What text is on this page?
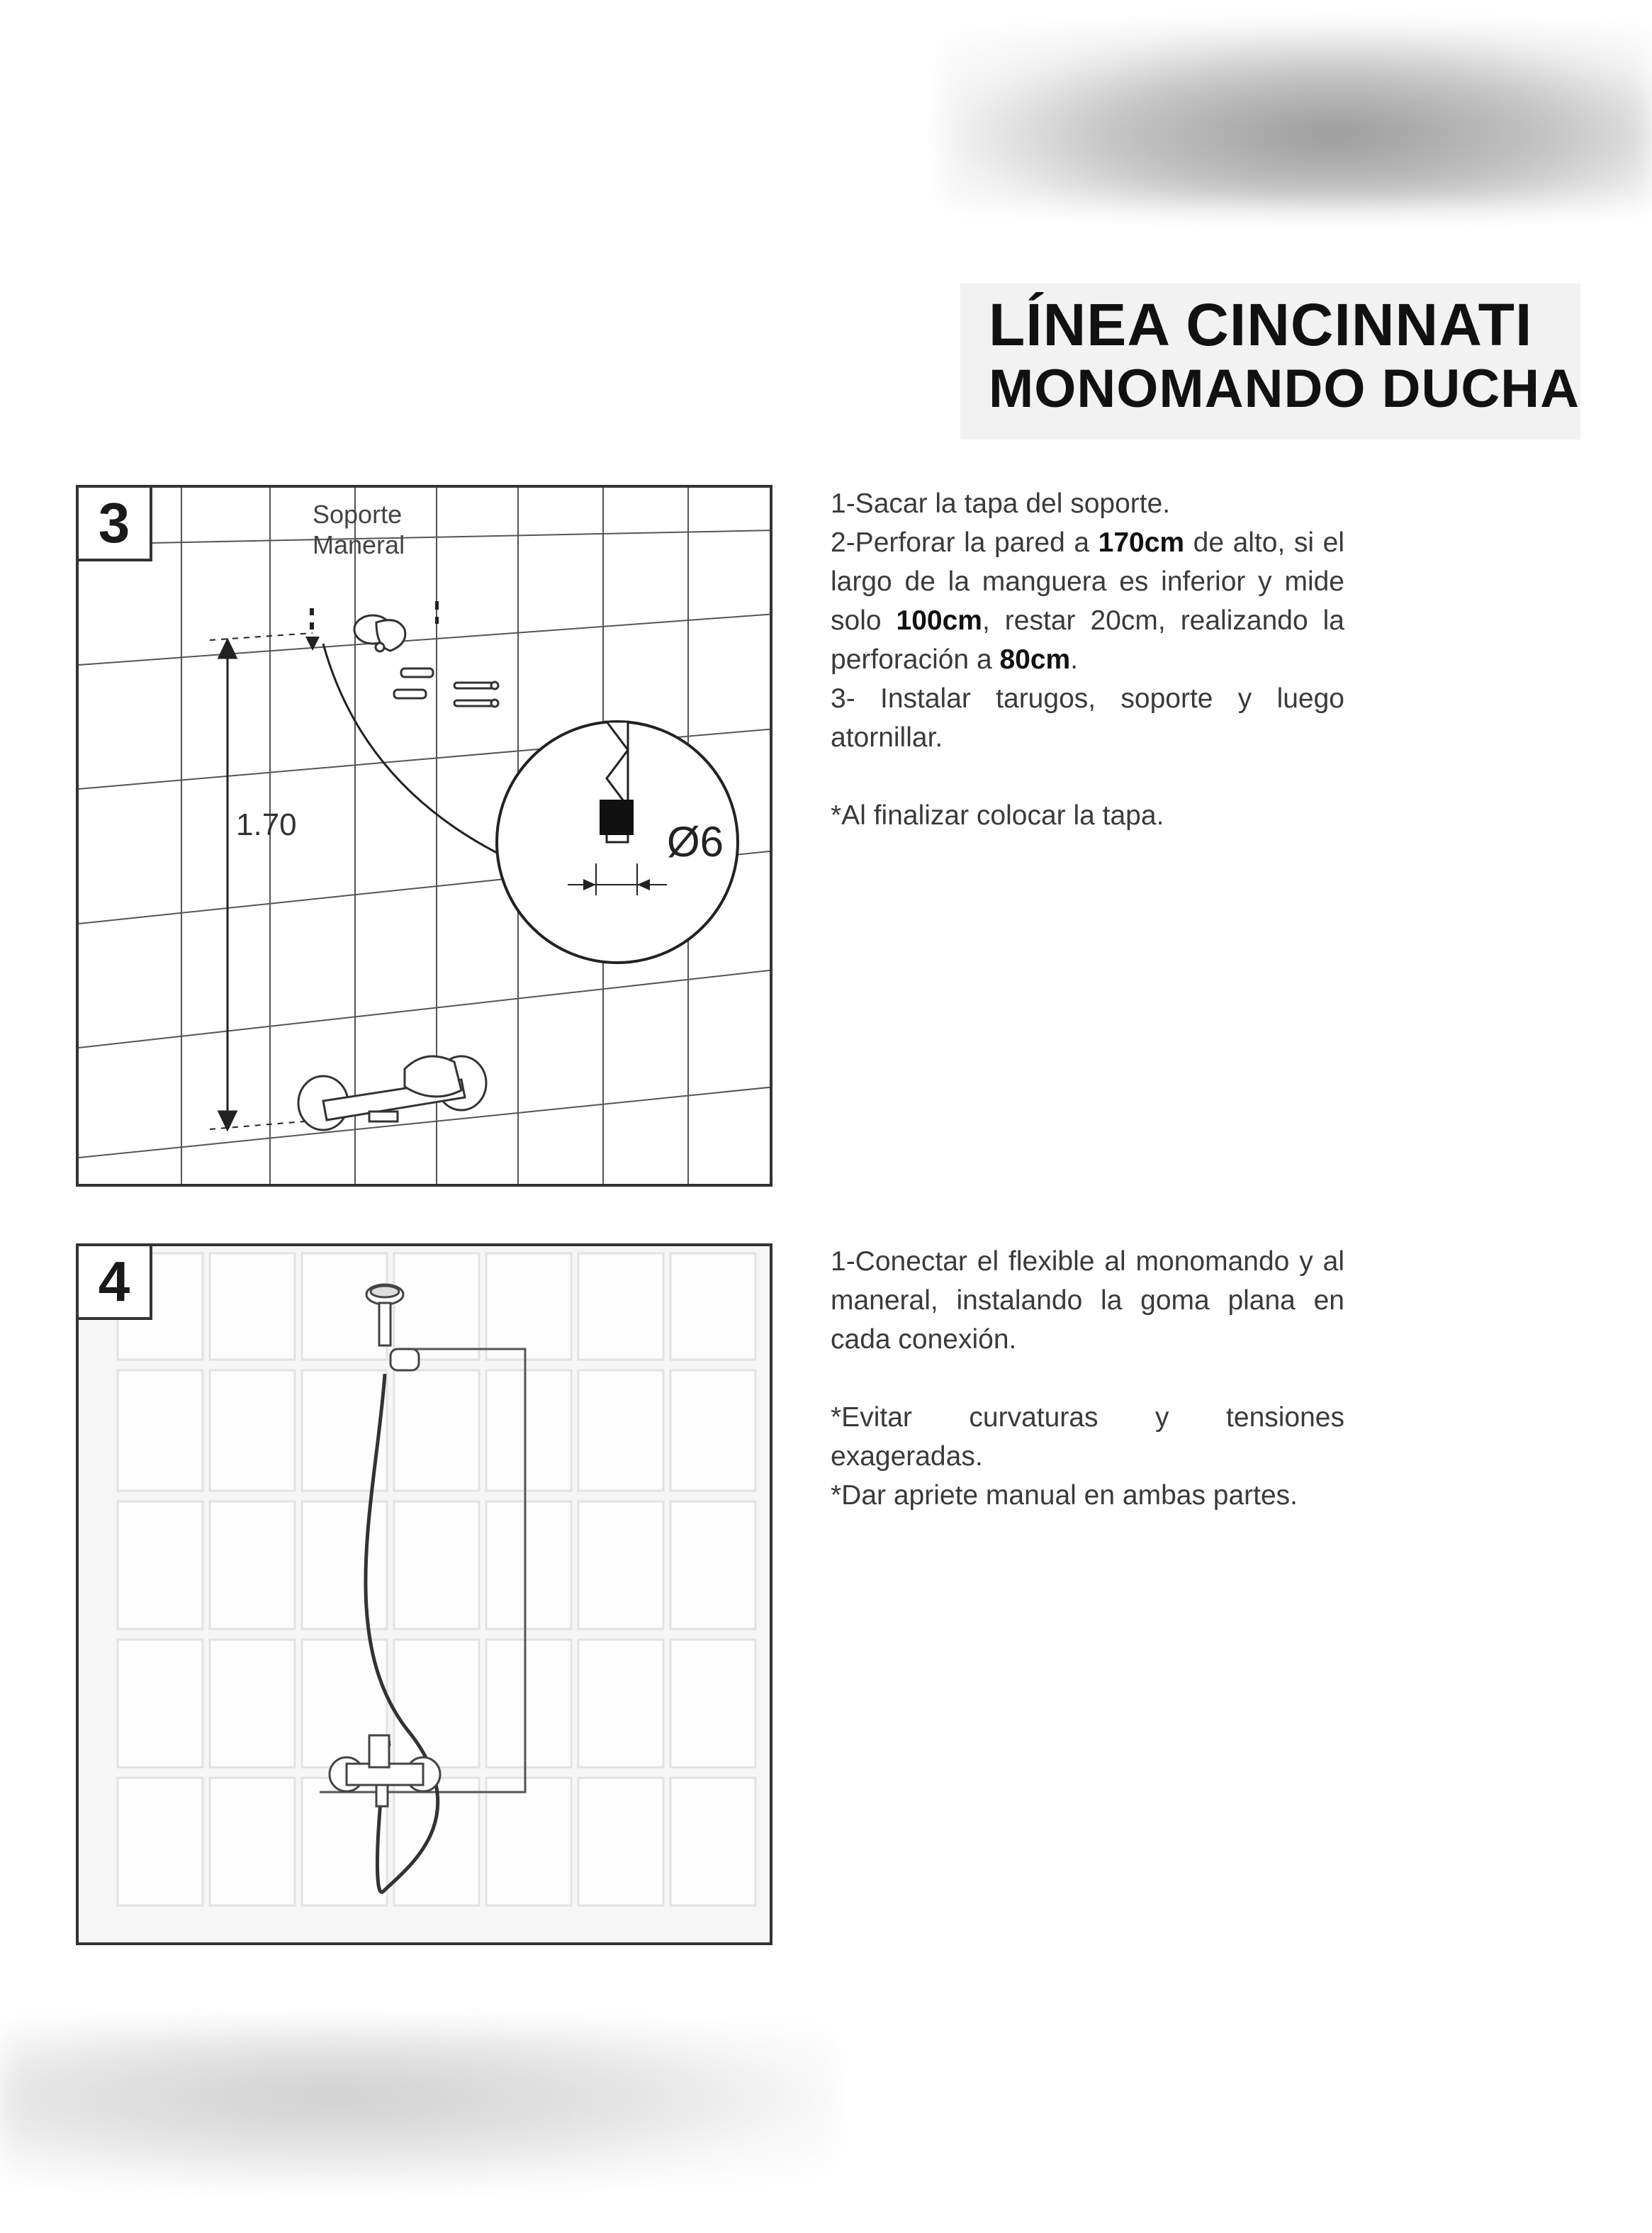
LÍNEA CINCINNATI
MONOMANDO DUCHA
3
1.70
Soporte
Maneral
Ø6

1-Sacar la tapa del soporte.

2-Perforar la pared a 170cm de alto, si el largo de la manguera es inferior y mide solo 100cm, restar 20cm, realizando la perforación a 80cm.

3- Instalar tarugos, soporte y luego atornillar.

*Al finalizar colocar la tapa.

4	1-Conectar el flexible al monomando y al maneral, instalando la goma plana en cada conexión.

*Evitar curvaturas y tensiones exageradas.

*Dar apriete manual en ambas partes.
